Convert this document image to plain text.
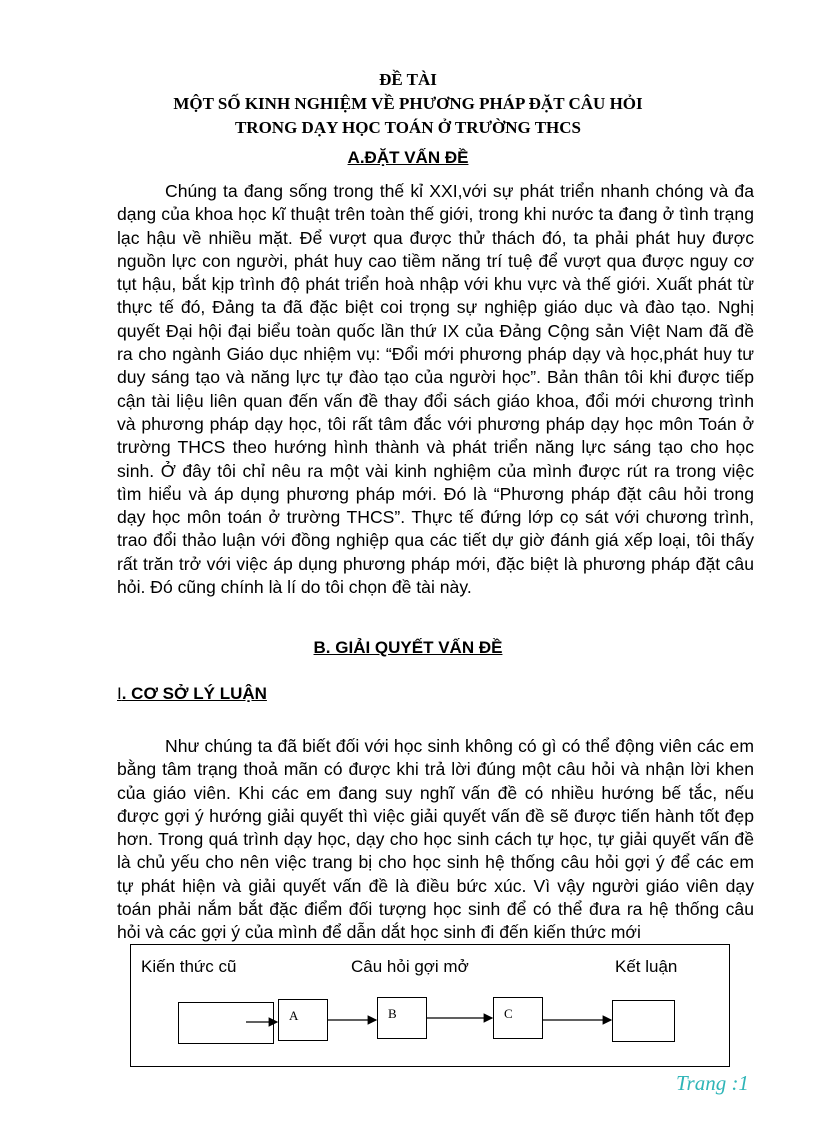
ĐỀ TÀI
MỘT SỐ KINH NGHIỆM VỀ PHƯƠNG PHÁP ĐẶT CÂU HỎI
TRONG DẠY HỌC TOÁN Ở TRƯỜNG THCS
A.ĐẶT VẤN ĐỀ

Chúng ta đang sống trong thế kỉ XXI,với sự phát triển nhanh chóng và đa dạng của khoa học kĩ thuật trên toàn thế giới, trong khi nước ta đang ở tình trạng lạc hậu về nhiều mặt. Để vượt qua được thử thách đó, ta phải phát huy được nguồn lực con người, phát huy cao tiềm năng trí tuệ để vượt qua được nguy cơ tụt hậu, bắt kịp trình độ phát triển hoà nhập với khu vực và thế giới. Xuất phát từ thực tế đó, Đảng ta đã đặc biệt coi trọng sự nghiệp giáo dục và đào tạo. Nghị quyết Đại hội đại biểu toàn quốc lần thứ IX của Đảng Cộng sản Việt Nam đã đề ra cho ngành Giáo dục nhiệm vụ: “Đổi mới phương pháp dạy và học,phát huy tư duy sáng tạo và năng lực tự đào tạo của người học”. Bản thân tôi khi được tiếp cận tài liệu liên quan đến vấn đề thay đổi sách giáo khoa, đổi mới chương trình và phương pháp dạy học, tôi rất tâm đắc với phương pháp dạy học môn Toán ở trường THCS theo hướng hình thành và phát triển năng lực sáng tạo cho học sinh. Ở đây tôi chỉ nêu ra một vài kinh nghiệm của mình được rút ra trong việc tìm hiểu và áp dụng phương pháp mới. Đó là “Phương pháp đặt câu hỏi trong dạy học môn toán ở trường THCS”. Thực tế đứng lớp cọ sát với chương trình, trao đổi thảo luận với đồng nghiệp qua các tiết dự giờ đánh giá xếp loại, tôi thấy rất trăn trở với việc áp dụng phương pháp mới, đặc biệt là phương pháp đặt câu hỏi. Đó cũng chính là lí do tôi chọn đề tài này.

B. GIẢI QUYẾT VẤN ĐỀ
I. CƠ SỞ LÝ LUẬN

Như chúng ta đã biết đối với học sinh không có gì có thể động viên các em bằng tâm trạng thoả mãn có được khi trả lời đúng một câu hỏi và nhận lời khen của giáo viên. Khi các em đang suy nghĩ vấn đề có nhiều hướng bế tắc, nếu được gợi ý hướng giải quyết thì việc giải quyết vấn đề sẽ được tiến hành tốt đẹp hơn. Trong quá trình dạy học, dạy cho học sinh cách tự học, tự giải quyết vấn đề là chủ yếu cho nên việc trang bị cho học sinh hệ thống câu hỏi gợi ý để các em tự phát hiện và giải quyết vấn đề là điều bức xúc. Vì vậy người giáo viên dạy toán phải nắm bắt đặc điểm đối tượng học sinh để có thể đưa ra hệ thống câu hỏi và các gợi ý của mình để dẫn dắt học sinh đi đến kiến thức mới

Kiến thức cũ	Câu hỏi gợi mở	Kết luận
A	B	C
Trang :1
